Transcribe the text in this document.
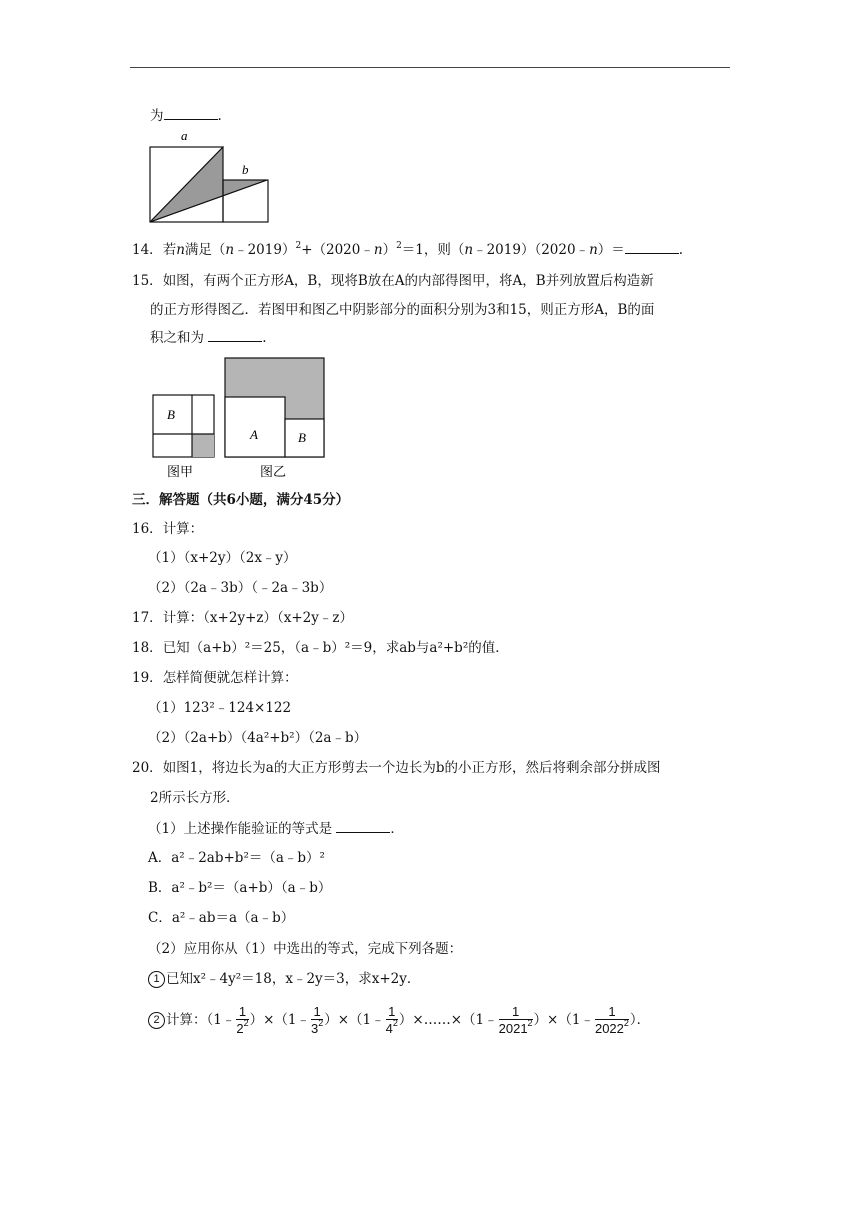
为	.
a
b
14．若n满足（n﹣2019）$^2$+（2020﹣n）$^2$＝1，则（n﹣2019）（2020﹣n）＝	.
15．如图，有两个正方形A，B，现将B放在A的内部得图甲，将A，B并列放置后构造新
的正方形得图乙．若图甲和图乙中阴影部分的面积分别为3和15，则正方形A，B的面
积之和为	.
B
A	B
图甲	图乙
三．解答题（共6小题，满分45分）
16．计算：
（1）（x+2y）（2x﹣y）
（2）（2a﹣3b）（﹣2a﹣3b）
17．计算：（x+2y+z）（x+2y﹣z）
18．已知（a+b）²＝25，（a﹣b）²＝9，求ab与a²+b²的值．
19．怎样简便就怎样计算：
（1）123²﹣124×122
（2）（2a+b）（4a²+b²）（2a﹣b）
20．如图1，将边长为a的大正方形剪去一个边长为b的小正方形，然后将剩余部分拼成图
2所示长方形．
（1）上述操作能验证的等式是	．
A．a²﹣2ab+b²＝（a﹣b）²
B．a²﹣b²＝（a+b）（a﹣b）
C．a²﹣ab＝a（a﹣b）
（2）应用你从（1）中选出的等式，完成下列各题：
1 已知x²﹣4y²＝18，x﹣2y＝3，求x+2y．
2 计算：（1﹣ $\frac{1}{2^2}$ ）×（1﹣ $\frac{1}{3^2}$ ）×（1﹣ $\frac{1}{4^2}$ ）×……×（1﹣ $\frac{1}{2021^2}$ ）×（1﹣ $\frac{1}{2022^2}$ ）．
